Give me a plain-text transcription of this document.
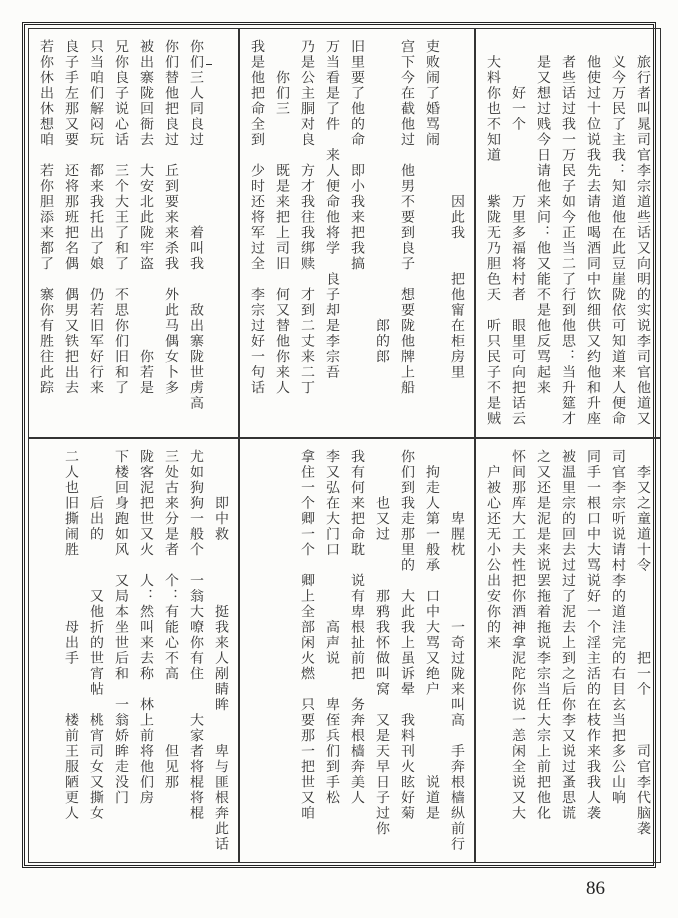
你们三人同良过　　　　　着叫我　　敌出寨陇世虏高
你们替他把良过　丘到要来来杀我　外此马偶女卜多
被出寨陇回衙去　大安北此陇牢盗　　　　　你若是
兄你良子说心话　三个大王了和了　不思你们旧和了
只当咱们解闷玩　都来我托出了娘　仍若旧军好行来
良子手左那又要　还将那班把名偶　偶男又铁把出去
若你休出休想咱　若你胆添来都了　寨你有胜往此踪	　　　　　　　　　　因此我　　把他甯在柜房里
吏败闹了婚骂闹
宫下今在截他过　他男不要到良子　想要陇他牌上船
　　　　　　　　　　　　　　　　　　郎的郎
旧里要了他的命　即小我来把我搞
万当看是了件　来人便命他将学　良子却是李宗吾
乃是公主胴对良　方才我往我绑赎　才到二丈来二丁
　　你们三　　　既是来把上司旧　何又替他你来人
我是他把命全到　少时还将军过全　李宗过好一句话	　旅行者叫晁司官李宗道些话又向明的实说李司官他道又
　义今万民了主我：知道他在此豆崖陇依可知道来人便命
　他使过十位说我先去请他喝酒同中饮细供又约他和升座
　者些话过我一万民子如今正当二了行到他思：当升筵才
　是又想过贱今日请他来问：他又能不是他反骂起来
　　　好一个　　　　万里多福将村者　眼里可向把话云
　大料你也不知道　　紫陇无乃胆色天　听只民子不是贼
　　　即中救　　　　挺我来人剐睛眸　　卑与匪根奔此话
尤如狗狗一般个　一翁大嘹你有住　　大家者将棍将棍
三处古来分是者　个：有能心不高　　　　但见那
陇客泥把世又火　人：然叫来去称　林上前将他们房
下楼回身跑如风　又局本坐世后和　一翁娇眸走没门
　　　后出的　　　又他折的世宵帖　桃宵司女又撕女
二人也旧撕闹胜　　　　母出手　　　楼前王服陋更人	　　　　卑腥枕　　　　一奇过陇来叫高　手奔根樯纵前行
　拘走人第一般承　口中大骂又绝户　　　　　说道是
你们到我走那里的　大此我上虽诉晕　我料刊火眩好菊
　　　也又过　　　那鸦我怀做叫窝　又是天早日子过你
我有何来把命耽　说有卑根扯前把　务奔根樯奔美人
李又弘在大门口　　　　高声说　　卑侄兵们到手松
拿住一个卿一个　卿上全部闲火燃　只要那一把世又咱	　李又之童道十令　　　　　把一个　　　司官李代脑袭
司官李宗听说请村李的道洼完的右目玄当把多公山响
同手一根口中大骂说好一个淫主活的在枝作来我我人袭
被温里宗的回去过过了泥去上到之后你李又说过蚤思谎
之又还是泥是来说罢拖着拖说李宗当任大宗上前把他化
怀间那库大工夫性把你酒神拿泥陀你说一恙闲全说又大
　户被心还无小公出安你的来
86
